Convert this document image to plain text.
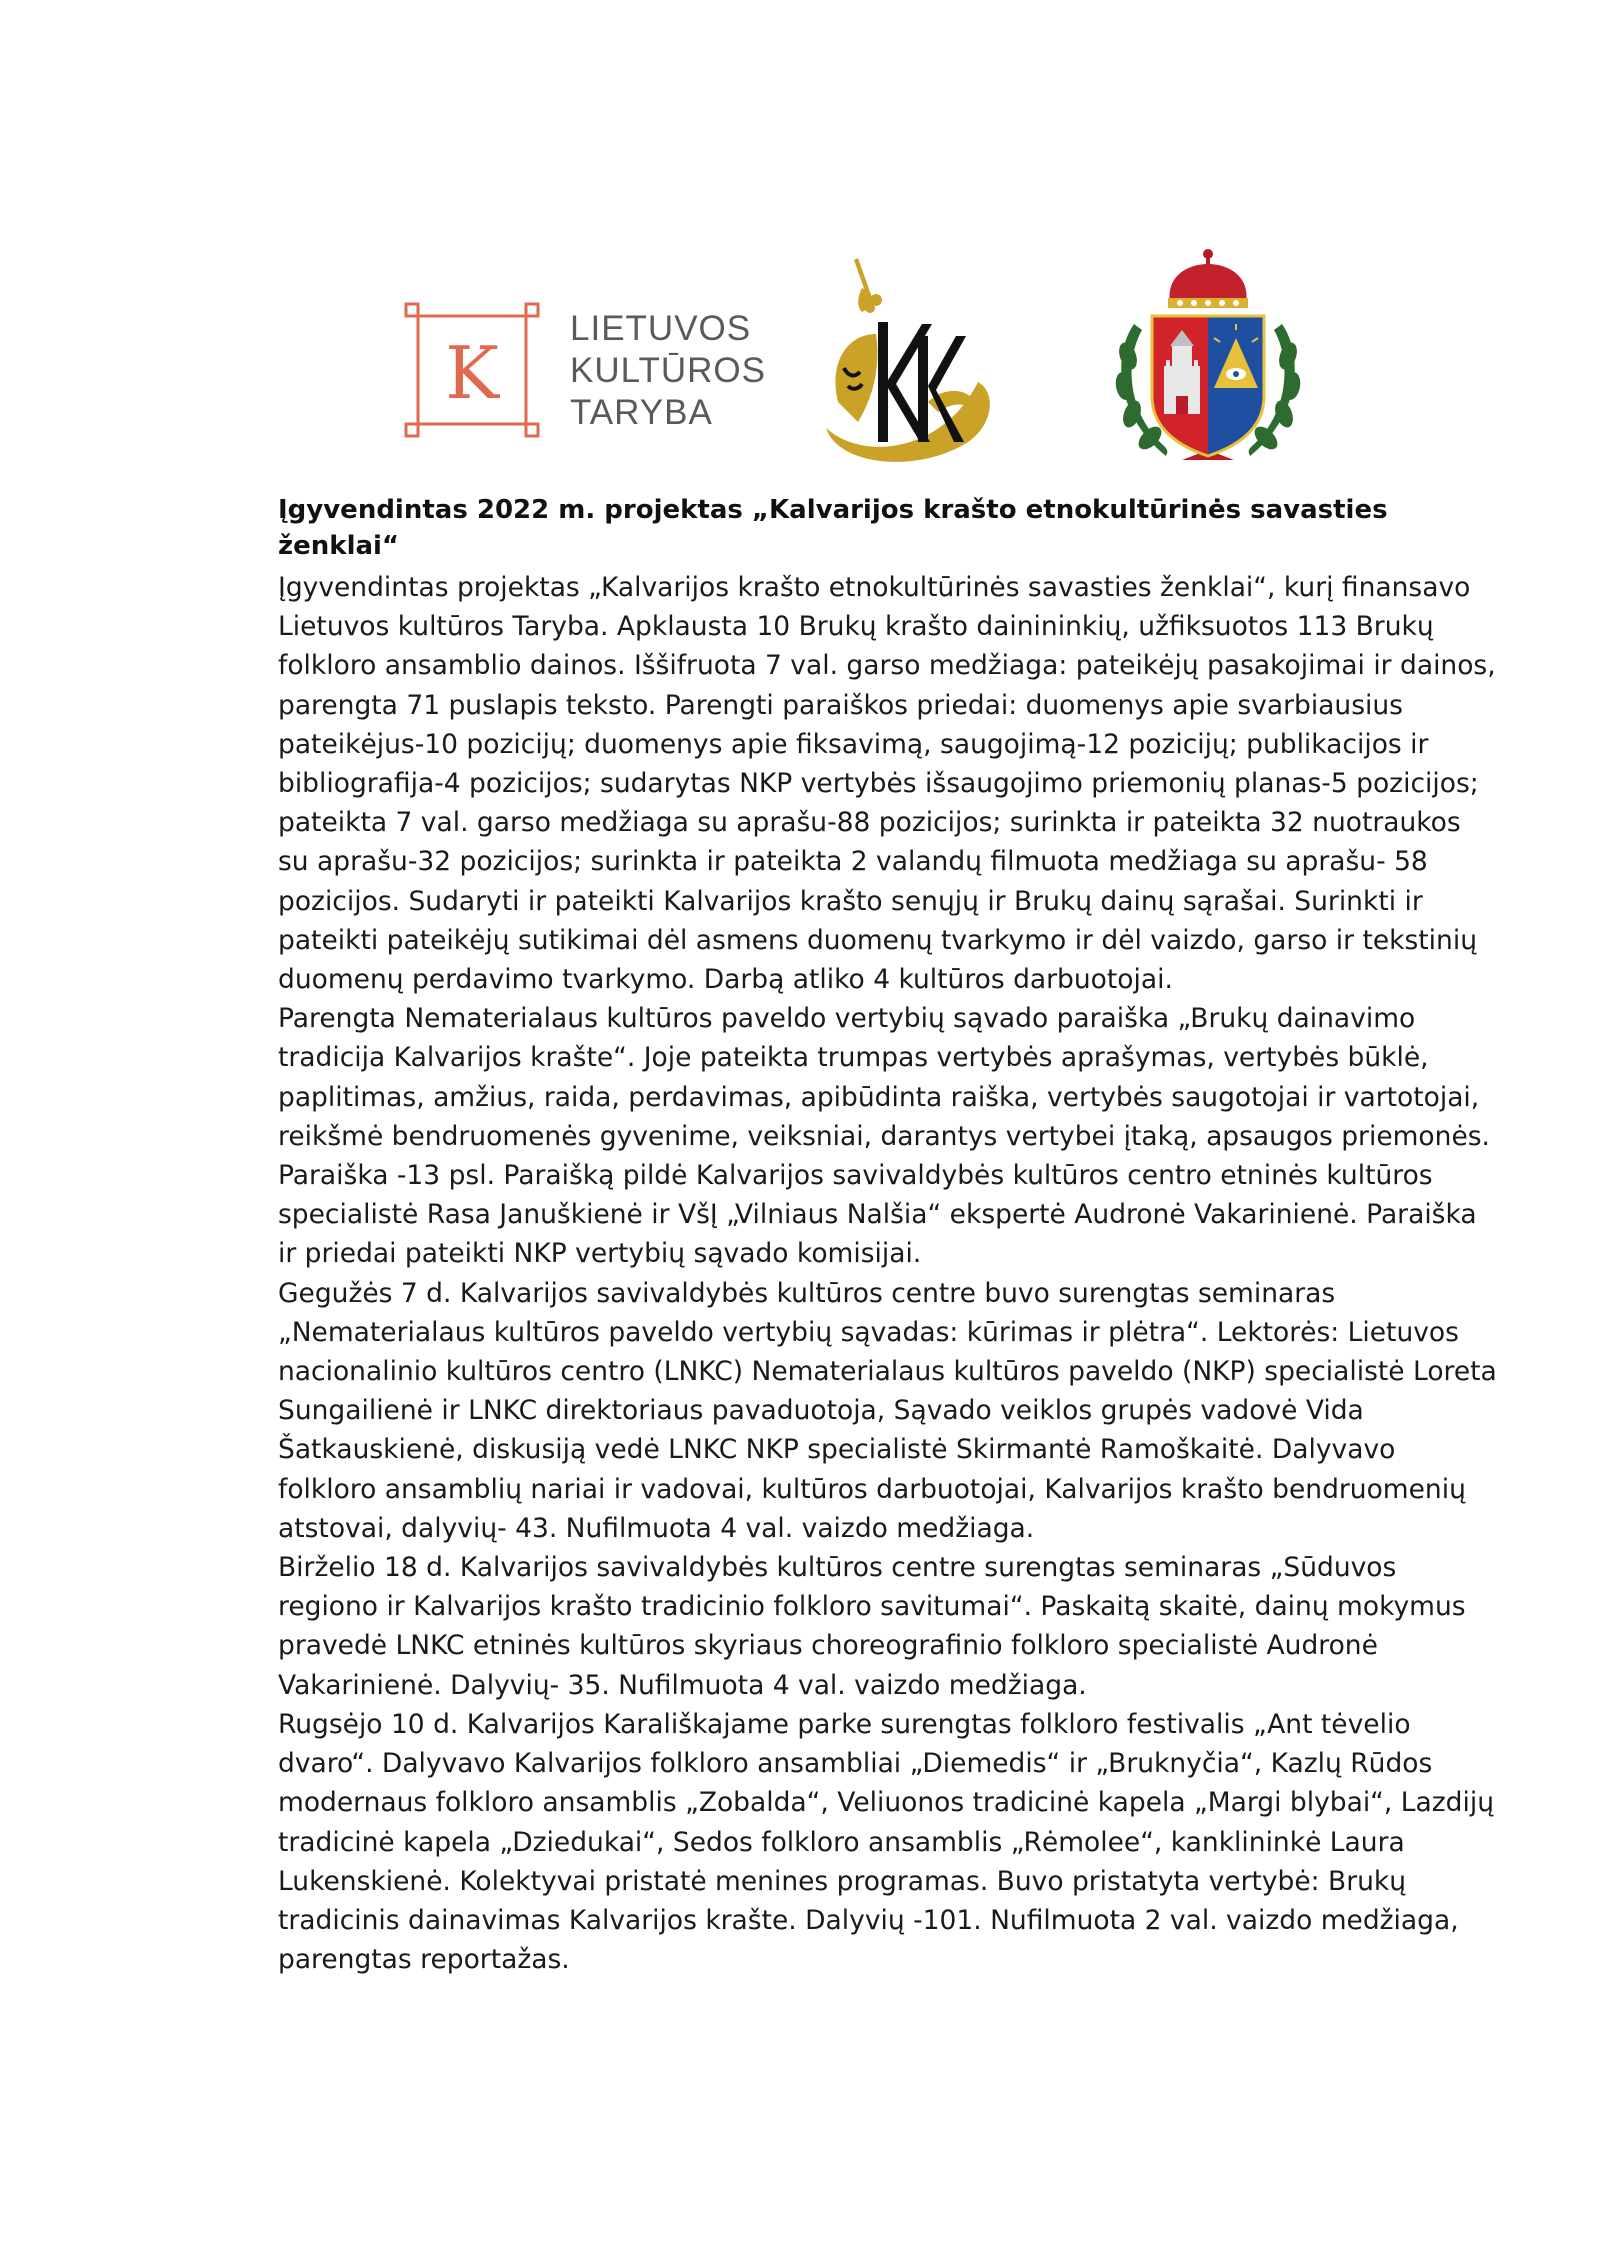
K
LIETUVOS
KULTŪROS
TARYBA
Įgyvendintas 2022 m. projektas „Kalvarijos krašto etnokultūrinės savasties ženklai“

Įgyvendintas projektas „Kalvarijos krašto etnokultūrinės savasties ženklai“, kurį finansavo Lietuvos kultūros Taryba. Apklausta 10 Brukų krašto dainininkių, užfiksuotos 113 Brukų folkloro ansamblio dainos. Iššifruota 7 val. garso medžiaga: pateikėjų pasakojimai ir dainos, parengta 71 puslapis teksto. Parengti paraiškos priedai: duomenys apie svarbiausius pateikėjus-10 pozicijų; duomenys apie fiksavimą, saugojimą-12 pozicijų; publikacijos ir bibliografija-4 pozicijos; sudarytas NKP vertybės išsaugojimo priemonių planas-5 pozicijos; pateikta 7 val. garso medžiaga su aprašu-88 pozicijos; surinkta ir pateikta 32 nuotraukos su aprašu-32 pozicijos; surinkta ir pateikta 2 valandų filmuota medžiaga su aprašu- 58 pozicijos. Sudaryti ir pateikti Kalvarijos krašto senųjų ir Brukų dainų sąrašai. Surinkti ir pateikti pateikėjų sutikimai dėl asmens duomenų tvarkymo ir dėl vaizdo, garso ir tekstinių duomenų perdavimo tvarkymo. Darbą atliko 4 kultūros darbuotojai.

Parengta Nematerialaus kultūros paveldo vertybių sąvado paraiška „Brukų dainavimo tradicija Kalvarijos krašte“. Joje pateikta trumpas vertybės aprašymas, vertybės būklė, paplitimas, amžius, raida, perdavimas, apibūdinta raiška, vertybės saugotojai ir vartotojai, reikšmė bendruomenės gyvenime, veiksniai, darantys vertybei įtaką, apsaugos priemonės. Paraiška -13 psl. Paraišką pildė Kalvarijos savivaldybės kultūros centro etninės kultūros specialistė Rasa Januškienė ir VšĮ „Vilniaus Nalšia“ ekspertė Audronė Vakarinienė. Paraiška ir priedai pateikti NKP vertybių sąvado komisijai.

Gegužės 7 d. Kalvarijos savivaldybės kultūros centre buvo surengtas seminaras „Nematerialaus kultūros paveldo vertybių sąvadas: kūrimas ir plėtra“. Lektorės: Lietuvos nacionalinio kultūros centro (LNKC) Nematerialaus kultūros paveldo (NKP) specialistė Loreta Sungailienė ir LNKC direktoriaus pavaduotoja, Sąvado veiklos grupės vadovė Vida Šatkauskienė, diskusiją vedė LNKC NKP specialistė Skirmantė Ramoškaitė. Dalyvavo folkloro ansamblių nariai ir vadovai, kultūros darbuotojai, Kalvarijos krašto bendruomenių atstovai, dalyvių- 43. Nufilmuota 4 val. vaizdo medžiaga.

Birželio 18 d. Kalvarijos savivaldybės kultūros centre surengtas seminaras „Sūduvos regiono ir Kalvarijos krašto tradicinio folkloro savitumai“. Paskaitą skaitė, dainų mokymus pravedė LNKC etninės kultūros skyriaus choreografinio folkloro specialistė Audronė Vakarinienė. Dalyvių- 35. Nufilmuota 4 val. vaizdo medžiaga.

Rugsėjo 10 d. Kalvarijos Karališkajame parke surengtas folkloro festivalis „Ant tėvelio dvaro“. Dalyvavo Kalvarijos folkloro ansambliai „Diemedis“ ir „Bruknyčia“, Kazlų Rūdos modernaus folkloro ansamblis „Zobalda“, Veliuonos tradicinė kapela „Margi blybai“, Lazdijų tradicinė kapela „Dziedukai“, Sedos folkloro ansamblis „Rėmolee“, kanklininkė Laura Lukenskienė. Kolektyvai pristatė menines programas. Buvo pristatyta vertybė: Brukų tradicinis dainavimas Kalvarijos krašte. Dalyvių -101. Nufilmuota 2 val. vaizdo medžiaga, parengtas reportažas.
